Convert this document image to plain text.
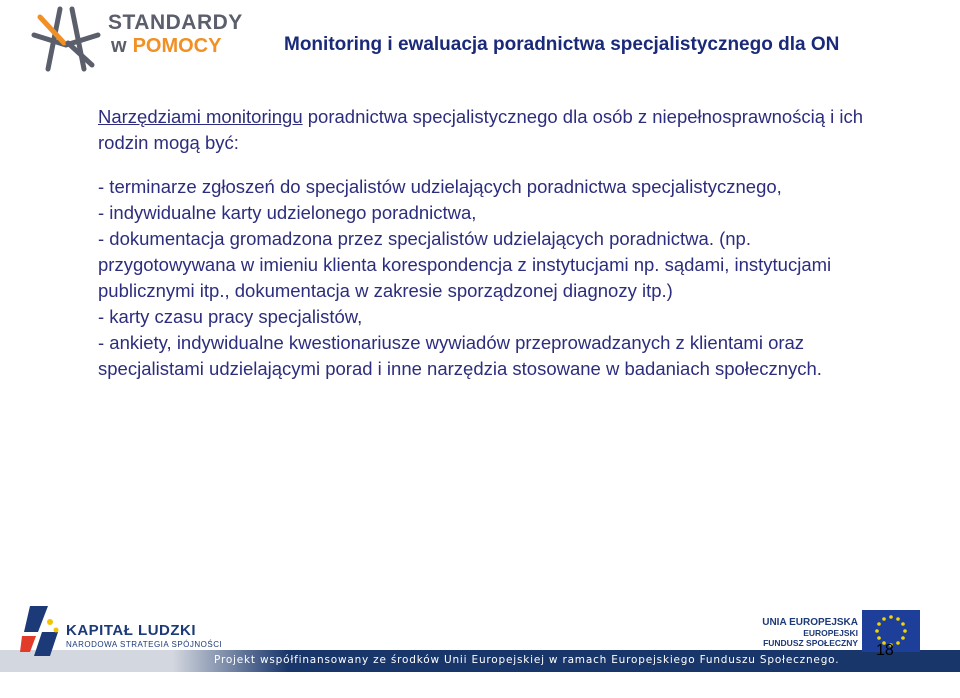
STANDARDY
w POMOCY	Monitoring i ewaluacja poradnictwa specjalistycznego dla ON

Narzędziami monitoringu poradnictwa specjalistycznego dla osób z niepełnosprawnością i ich rodzin mogą być:

- terminarze zgłoszeń do specjalistów udzielających poradnictwa specjalistycznego,

- indywidualne karty udzielonego poradnictwa,

- dokumentacja gromadzona przez specjalistów udzielających poradnictwa. (np. przygotowywana w imieniu klienta korespondencja z instytucjami np. sądami, instytucjami publicznymi itp., dokumentacja w zakresie sporządzonej diagnozy itp.)

- karty czasu pracy specjalistów,

- ankiety, indywidualne kwestionariusze wywiadów przeprowadzanych z klientami oraz specjalistami udzielającymi porad i inne narzędzia stosowane w badaniach społecznych.

KAPITAŁ LUDZKI
NARODOWA STRATEGIA SPÓJNOŚCI
UNIA EUROPEJSKA
EUROPEJSKI
FUNDUSZ SPOŁECZNY
Projekt współfinansowany ze środków Unii Europejskiej w ramach Europejskiego Funduszu Społecznego.
18
